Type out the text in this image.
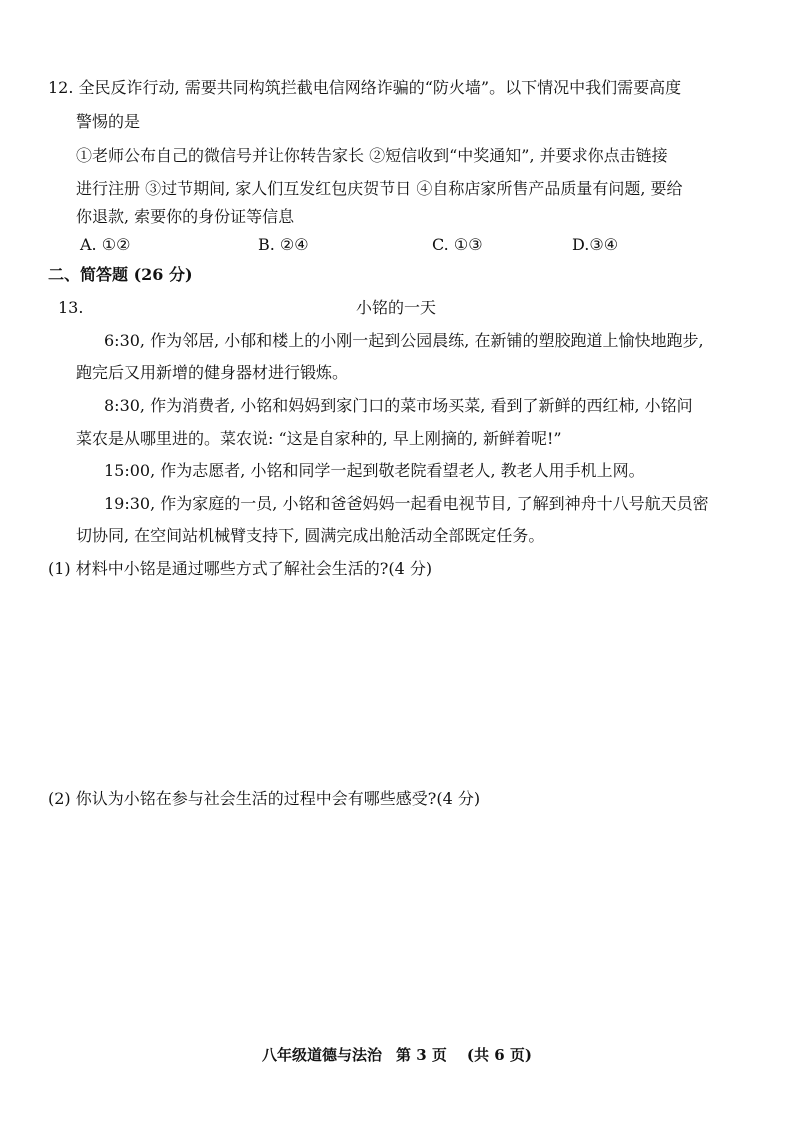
12. 全民反诈行动, 需要共同构筑拦截电信网络诈骗的“防火墙”。以下情况中我们需要高度
警惕的是
①老师公布自己的微信号并让你转告家长 ②短信收到“中奖通知”, 并要求你点击链接
进行注册 ③过节期间, 家人们互发红包庆贺节日 ④自称店家所售产品质量有问题, 要给
你退款, 索要你的身份证等信息
A. ①②	B. ②④	C. ①③	D.③④
二、简答题 (26 分)
13.	小铭的一天
6:30, 作为邻居, 小郁和楼上的小刚一起到公园晨练, 在新铺的塑胶跑道上愉快地跑步,
跑完后又用新增的健身器材进行锻炼。
8:30, 作为消费者, 小铭和妈妈到家门口的菜市场买菜, 看到了新鲜的西红柿, 小铭问
菜农是从哪里进的。菜农说: “这是自家种的, 早上刚摘的, 新鲜着呢!”
15:00, 作为志愿者, 小铭和同学一起到敬老院看望老人, 教老人用手机上网。
19:30, 作为家庭的一员, 小铭和爸爸妈妈一起看电视节目, 了解到神舟十八号航天员密
切协同, 在空间站机械臂支持下, 圆满完成出舱活动全部既定任务。
(1) 材料中小铭是通过哪些方式了解社会生活的?(4 分)
(2) 你认为小铭在参与社会生活的过程中会有哪些感受?(4 分)
八年级道德与法治 第 3 页 (共 6 页)
